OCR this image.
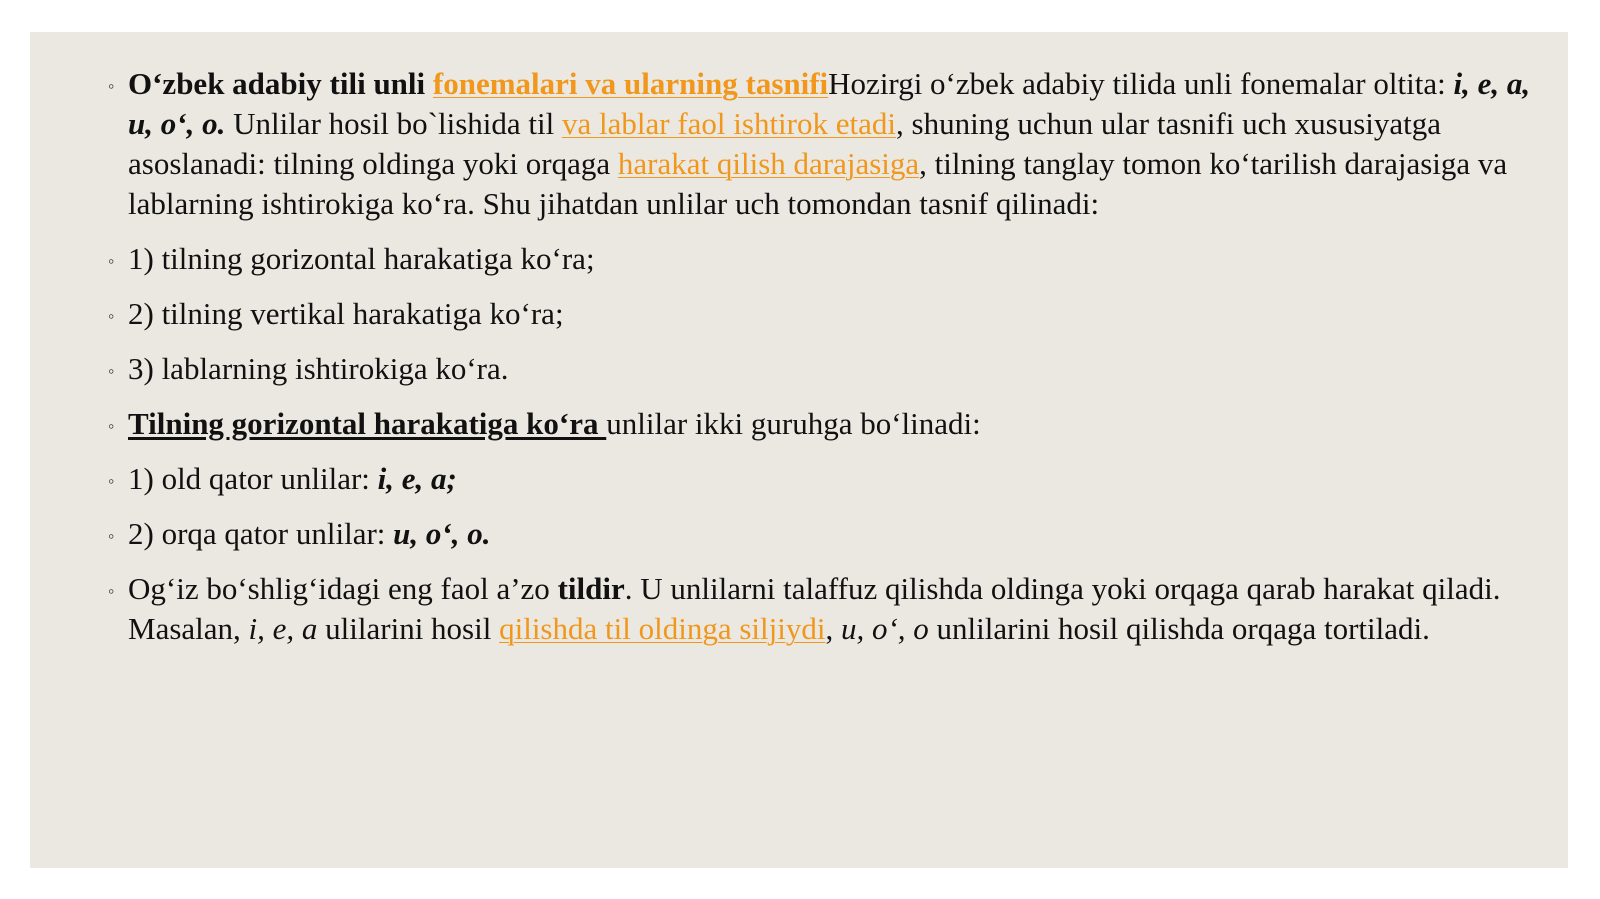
◦ O‘zbek adabiy tili unli fonemalari va ularning tasnifiHozirgi o‘zbek adabiy tilida unli fonemalar oltita: i, e, a, u, o‘, o. Unlilar hosil bo`lishida til va lablar faol ishtirok etadi, shuning uchun ular tasnifi uch xususiyatga asoslanadi: tilning oldinga yoki orqaga harakat qilish darajasiga, tilning tanglay tomon ko‘tarilish darajasiga va lablarning ishtirokiga ko‘ra. Shu jihatdan unlilar uch tomondan tasnif qilinadi:
◦ 1) tilning gorizontal harakatiga ko‘ra;
◦ 2) tilning vertikal harakatiga ko‘ra;
◦ 3) lablarning ishtirokiga ko‘ra.
◦ Tilning gorizontal harakatiga ko‘ra unlilar ikki guruhga bo‘linadi:
◦ 1) old qator unlilar: i, e, a;
◦ 2) orqa qator unlilar: u, o‘, o.
◦ Og‘iz bo‘shlig‘idagi eng faol a’zo tildir. U unlilarni talaffuz qilishda oldinga yoki orqaga qarab harakat qiladi. Masalan, i, e, a ulilarini hosil qilishda til oldinga siljiydi, u, o‘, o unlilarini hosil qilishda orqaga tortiladi.
